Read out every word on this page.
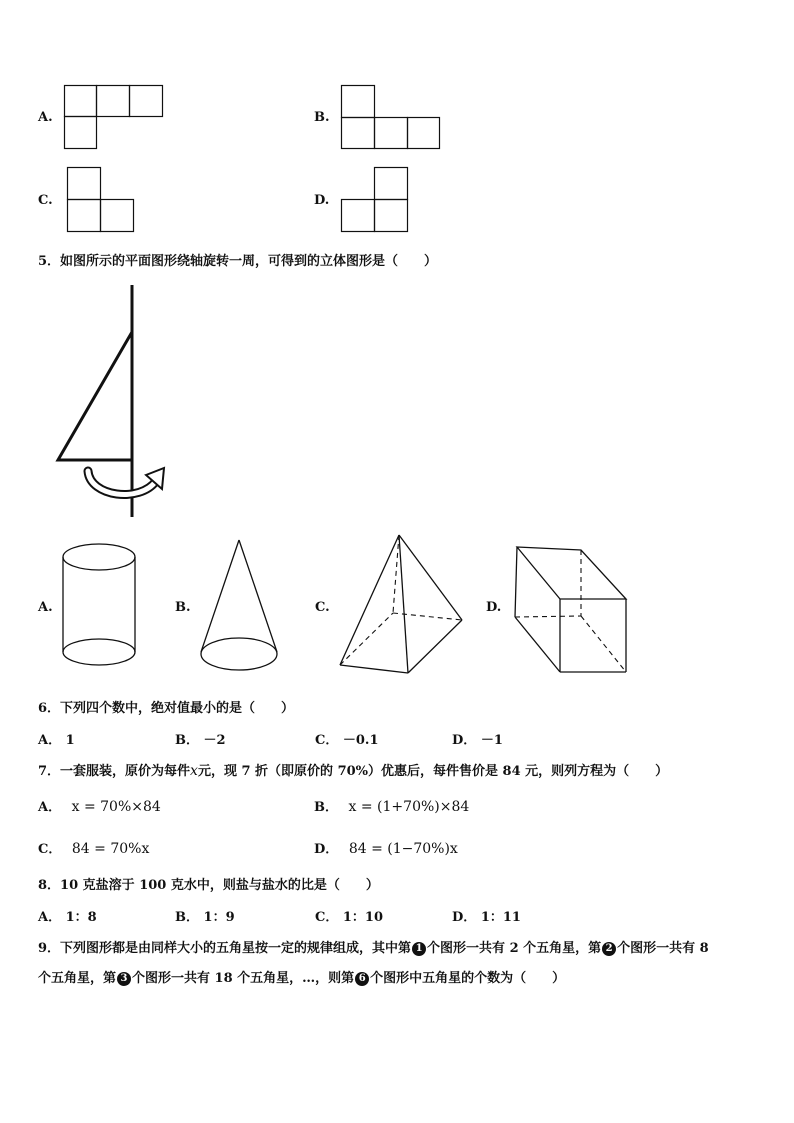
A.	B.
C.	D.
5．如图所示的平面图形绕轴旋转一周，可得到的立体图形是（　　）
A.	B.	C.	D.
6．下列四个数中，绝对值最小的是（　　）
A． 1	B． －2	C． －0.1	D． －1
7．一套服装，原价为每件x元，现 7 折（即原价的 70%）优惠后，每件售价是 84 元，则列方程为（　　）
A． x = 70%×84	B． x = (1+70%)×84
C． 84 = 70%x	D． 84 = (1−70%)x
8．10 克盐溶于 100 克水中，则盐与盐水的比是（　　）
A． 1：8	B． 1：9	C． 1：10	D． 1：11
9．下列图形都是由同样大小的五角星按一定的规律组成，其中第 1 个图形一共有 2 个五角星，第 2 个图形一共有 8
个五角星，第 3 个图形一共有 18 个五角星，…，则第 6 个图形中五角星的个数为（　　）
